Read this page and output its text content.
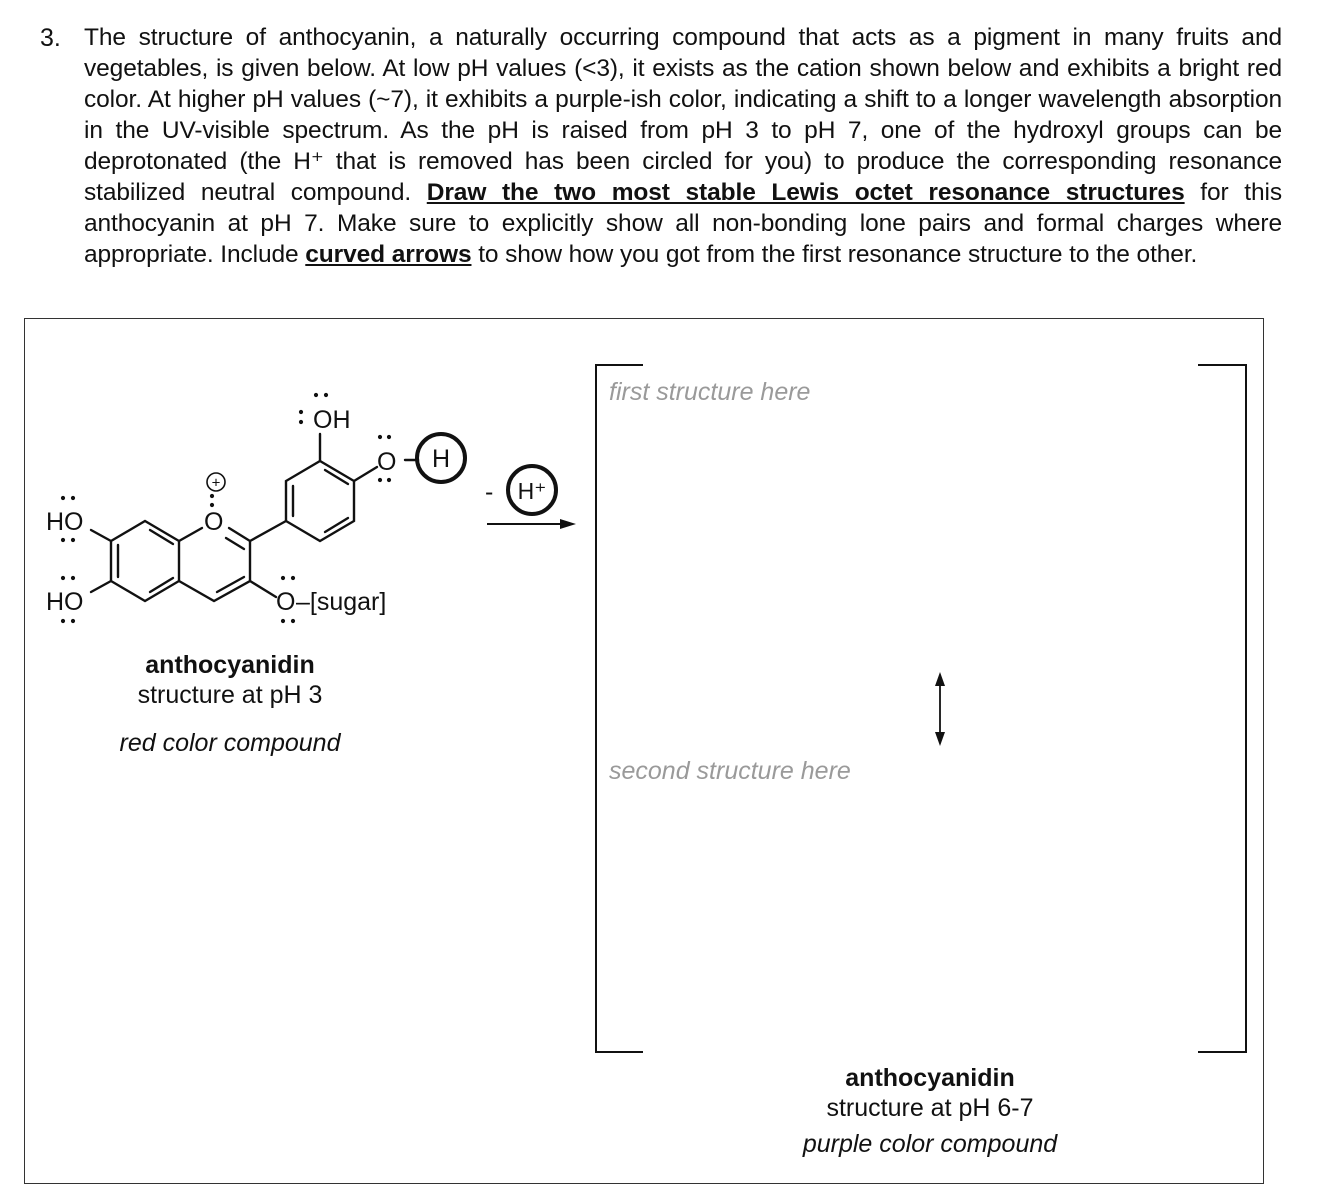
3. The structure of anthocyanin, a naturally occurring compound that acts as a pigment in many fruits and vegetables, is given below. At low pH values (<3), it exists as the cation shown below and exhibits a bright red color. At higher pH values (~7), it exhibits a purple-ish color, indicating a shift to a longer wavelength absorption in the UV-visible spectrum. As the pH is raised from pH 3 to pH 7, one of the hydroxyl groups can be deprotonated (the H⁺ that is removed has been circled for you) to produce the corresponding resonance stabilized neutral compound. Draw the two most stable Lewis octet resonance structures for this anthocyanin at pH 7. Make sure to explicitly show all non-bonding lone pairs and formal charges where appropriate. Include curved arrows to show how you got from the first resonance structure to the other.
OH
O
HO
HO
O
O –[sugar]
H
+	- H⁺
anthocyanidin
structure at pH 3
red color compound
first structure here
second structure here
anthocyanidin
structure at pH 6-7
purple color compound
